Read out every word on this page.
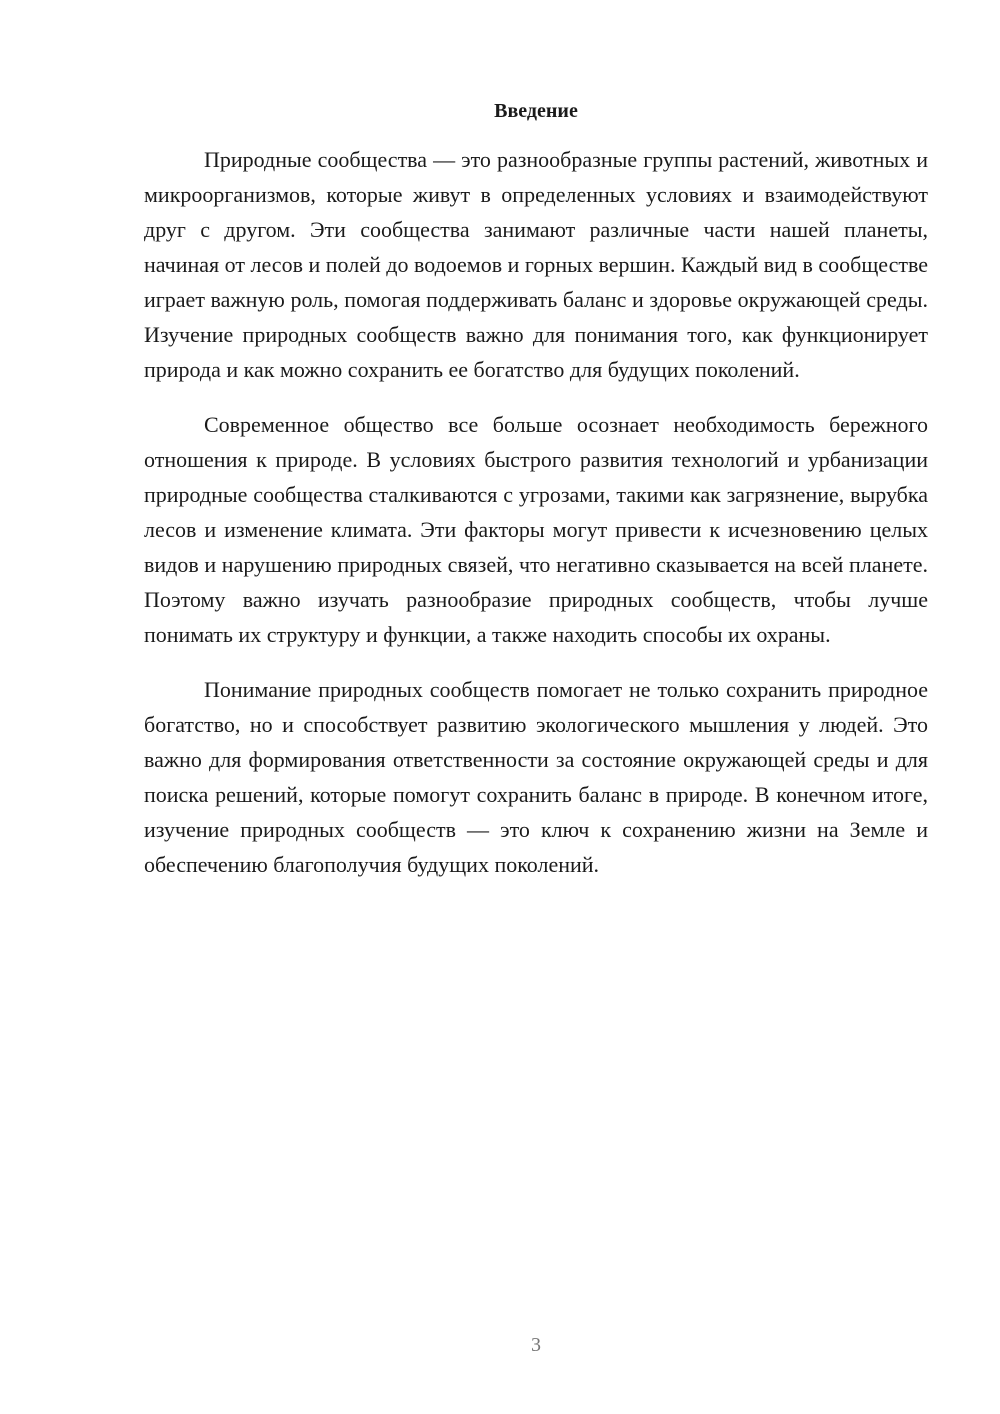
Введение

Природные сообщества — это разнообразные группы растений, животных и микроорганизмов, которые живут в определенных условиях и взаимодействуют друг с другом. Эти сообщества занимают различные части нашей планеты, начиная от лесов и полей до водоемов и горных вершин. Каждый вид в сообществе играет важную роль, помогая поддерживать баланс и здоровье окружающей среды. Изучение природных сообществ важно для понимания того, как функционирует природа и как можно сохранить ее богатство для будущих поколений.

Современное общество все больше осознает необходимость бережного отношения к природе. В условиях быстрого развития технологий и урбанизации природные сообщества сталкиваются с угрозами, такими как загрязнение, вырубка лесов и изменение климата. Эти факторы могут привести к исчезновению целых видов и нарушению природных связей, что негативно сказывается на всей планете. Поэтому важно изучать разнообразие природных сообществ, чтобы лучше понимать их структуру и функции, а также находить способы их охраны.

Понимание природных сообществ помогает не только сохранить природное богатство, но и способствует развитию экологического мышления у людей. Это важно для формирования ответственности за состояние окружающей среды и для поиска решений, которые помогут сохранить баланс в природе. В конечном итоге, изучение природных сообществ — это ключ к сохранению жизни на Земле и обеспечению благополучия будущих поколений.

3
